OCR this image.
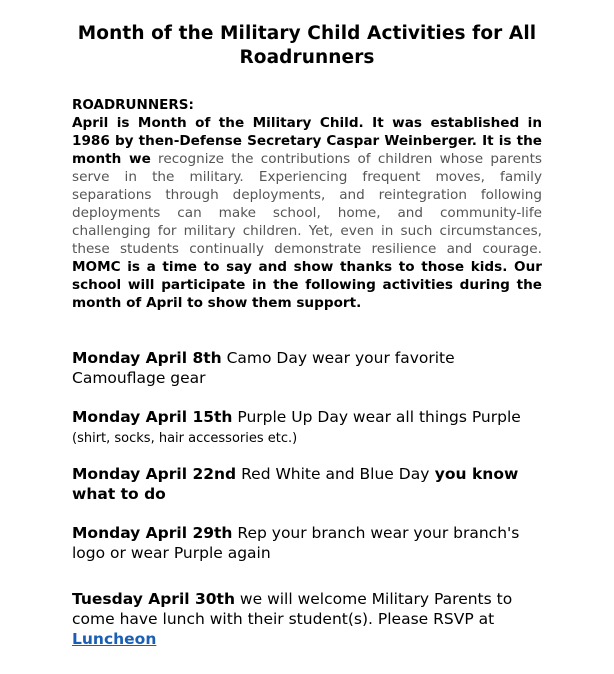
Month of the Military Child Activities for All Roadrunners
ROADRUNNERS:
April is Month of the Military Child. It was established in 1986 by then-Defense Secretary Caspar Weinberger. It is the month we recognize the contributions of children whose parents serve in the military. Experiencing frequent moves, family separations through deployments, and reintegration following deployments can make school, home, and community-life challenging for military children. Yet, even in such circumstances, these students continually demonstrate resilience and courage. MOMC is a time to say and show thanks to those kids. Our school will participate in the following activities during the month of April to show them support.

Monday April 8th Camo Day wear your favorite Camouflage gear

Monday April 15th Purple Up Day wear all things Purple
(shirt, socks, hair accessories etc.)

Monday April 22nd Red White and Blue Day you know what to do

Monday April 29th Rep your branch wear your branch's logo or wear Purple again

Tuesday April 30th we will welcome Military Parents to come have lunch with their student(s). Please RSVP at
Luncheon
